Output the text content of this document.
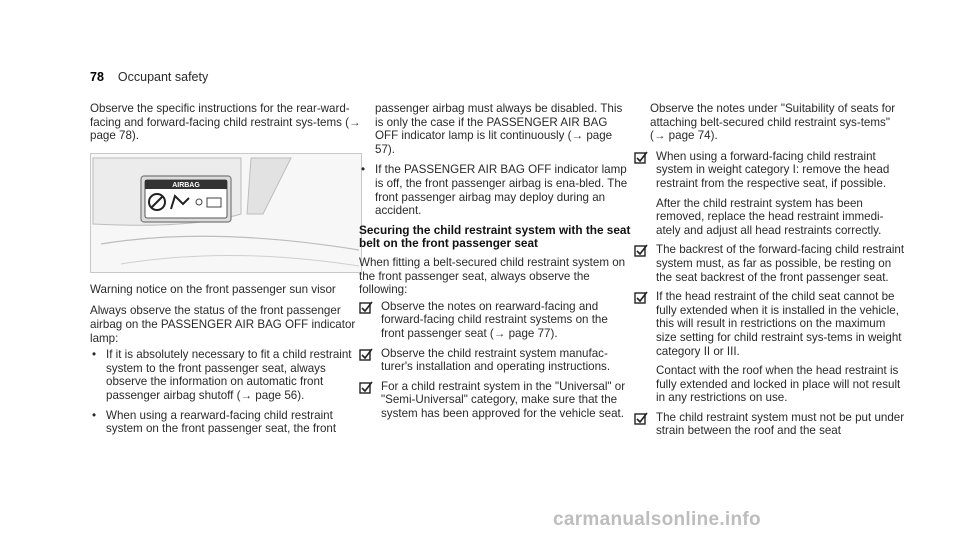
78 Occupant safety

Observe the specific instructions for the rear-ward-facing and forward-facing child restraint sys-tems (→ page 78).

AIRBAG

Warning notice on the front passenger sun visor

Always observe the status of the front passenger airbag on the PASSENGER AIR BAG OFF indicator lamp:

• If it is absolutely necessary to fit a child restraint system to the front passenger seat, always observe the information on automatic front passenger airbag shutoff (→ page 56).
• When using a rearward-facing child restraint system on the front passenger seat, the front

passenger airbag must always be disabled. This is only the case if the PASSENGER AIR BAG OFF indicator lamp is lit continuously (→ page 57).

• If the PASSENGER AIR BAG OFF indicator lamp is off, the front passenger airbag is ena-bled. The front passenger airbag may deploy during an accident.
Securing the child restraint system with the seat belt on the front passenger seat

When fitting a belt-secured child restraint system on the front passenger seat, always observe the following:

Observe the notes on rearward-facing and forward-facing child restraint systems on the front passenger seat (→ page 77).
Observe the child restraint system manufac-turer's installation and operating instructions.
For a child restraint system in the "Universal" or "Semi-Universal" category, make sure that the system has been approved for the vehicle seat.

Observe the notes under "Suitability of seats for attaching belt-secured child restraint sys-tems" (→ page 74).

When using a forward-facing child restraint system in weight category I: remove the head restraint from the respective seat, if possible.
After the child restraint system has been removed, replace the head restraint immedi-ately and adjust all head restraints correctly.
The backrest of the forward-facing child restraint system must, as far as possible, be resting on the seat backrest of the front passenger seat.
If the head restraint of the child seat cannot be fully extended when it is installed in the vehicle, this will result in restrictions on the maximum size setting for child restraint sys-tems in weight category II or III.
Contact with the roof when the head restraint is fully extended and locked in place will not result in any restrictions on use.
The child restraint system must not be put under strain between the roof and the seat
carmanualsonline.info
